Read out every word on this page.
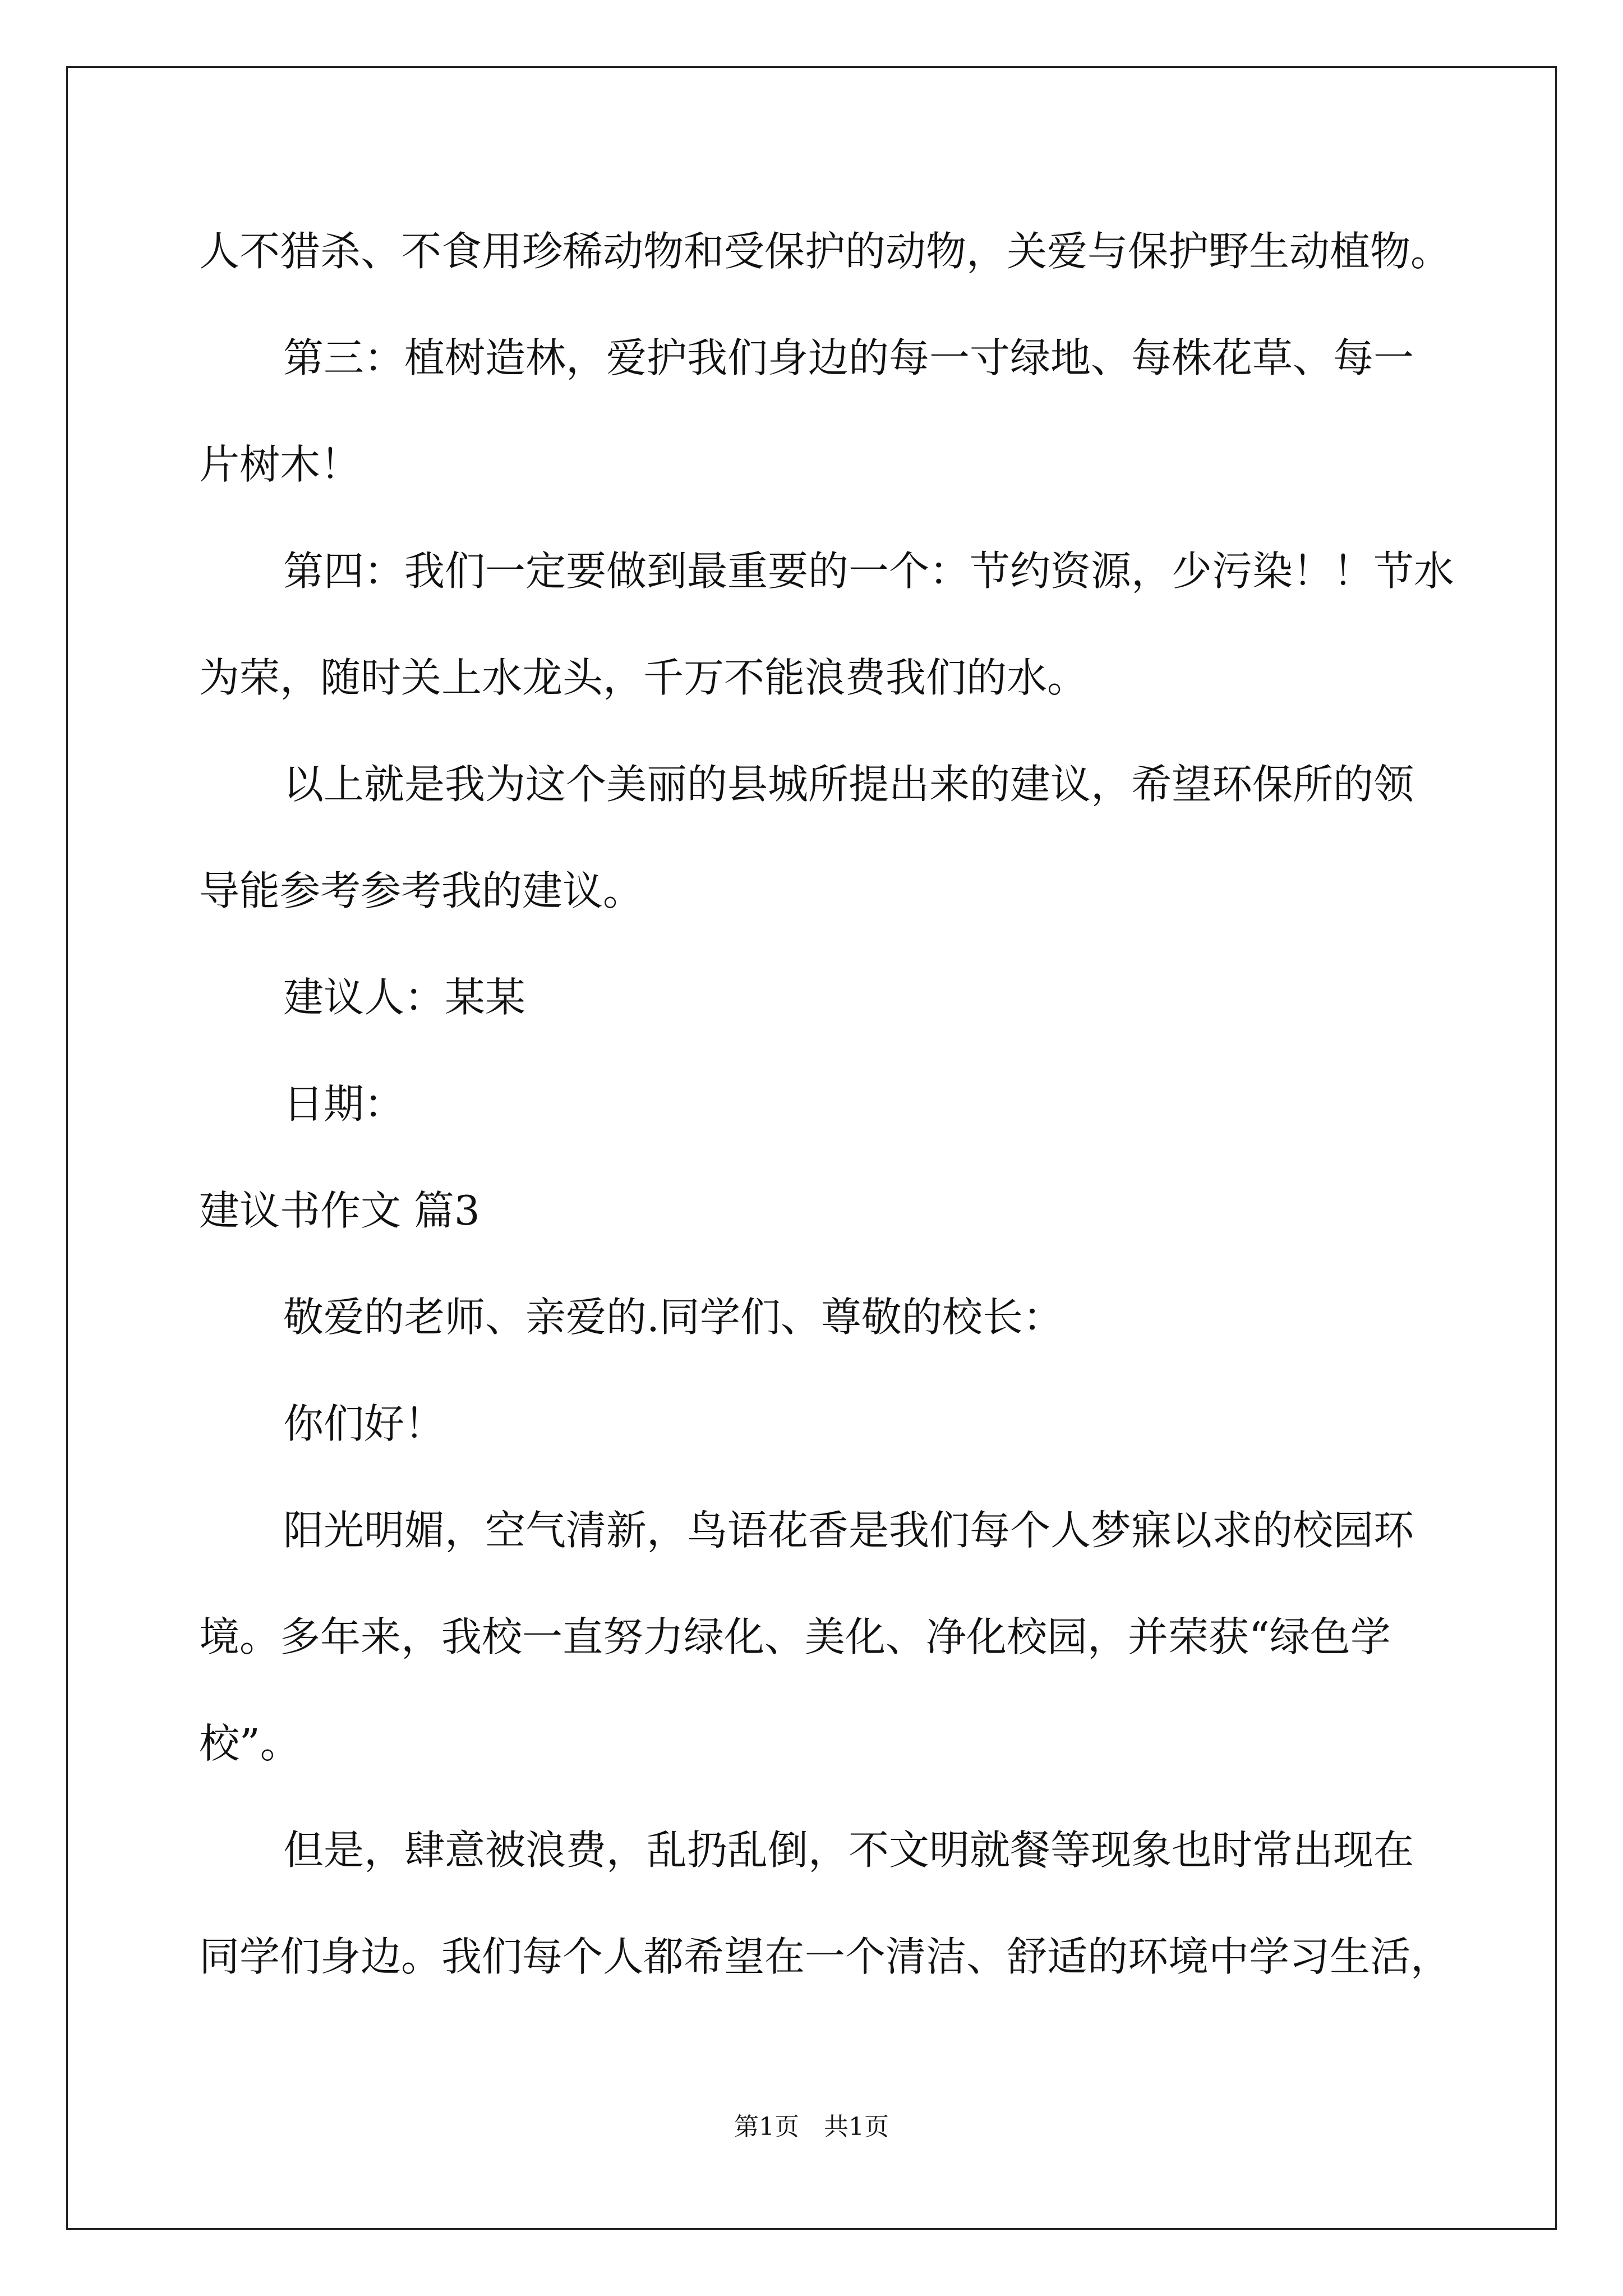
人不猎杀、不食用珍稀动物和受保护的动物，关爱与保护野生动植物。
第三：植树造林，爱护我们身边的每一寸绿地、每株花草、每一
片树木！
第四：我们一定要做到最重要的一个：节约资源，少污染！！节水
为荣，随时关上水龙头，千万不能浪费我们的水。
以上就是我为这个美丽的县城所提出来的建议，希望环保所的领
导能参考参考我的建议。
建议人：某某
日期：
建议书作文 篇3
敬爱的老师、亲爱的.同学们、尊敬的校长：
你们好！
阳光明媚，空气清新，鸟语花香是我们每个人梦寐以求的校园环
境。多年来，我校一直努力绿化、美化、净化校园，并荣获“绿色学
校”。
但是，肆意被浪费，乱扔乱倒，不文明就餐等现象也时常出现在
同学们身边。我们每个人都希望在一个清洁、舒适的环境中学习生活，
第1页　共1页
